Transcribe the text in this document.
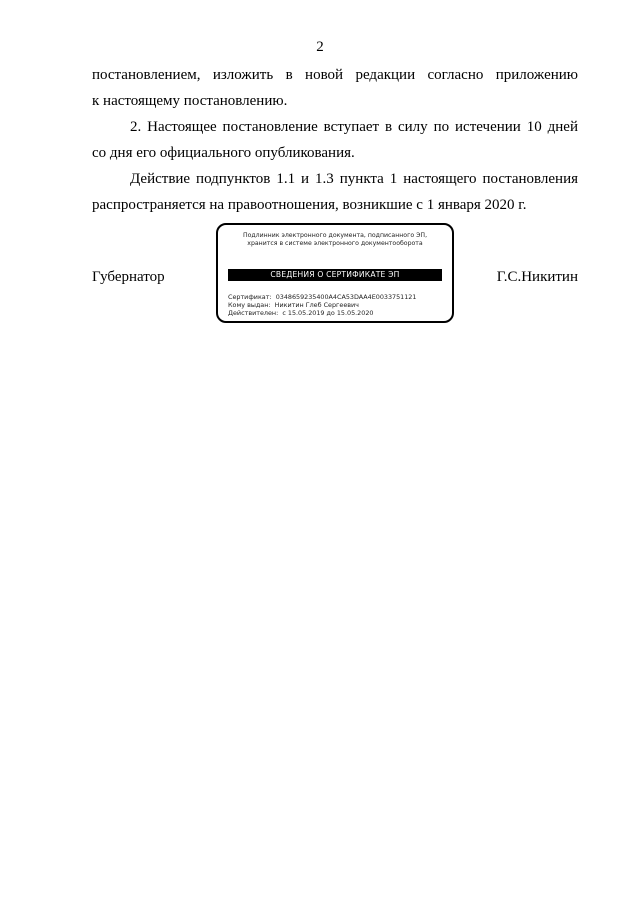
2

постановлением, изложить в новой редакции согласно приложению
к настоящему постановлению.

2. Настоящее постановление вступает в силу по истечении 10 дней
со дня его официального опубликования.

Действие подпунктов 1.1 и 1.3 пункта 1 настоящего постановления
распространяется на правоотношения, возникшие с 1 января 2020 г.

Губернатор	Г.С.Никитин
Подлинник электронного документа, подписанного ЭП,
хранится в системе электронного документооборота
СВЕДЕНИЯ О СЕРТИФИКАТЕ ЭП
Сертификат:  0348659235400A4CA53DAA4E0033751121
Кому выдан:  Никитин Глеб Сергеевич
Действителен:  с 15.05.2019 до 15.05.2020
